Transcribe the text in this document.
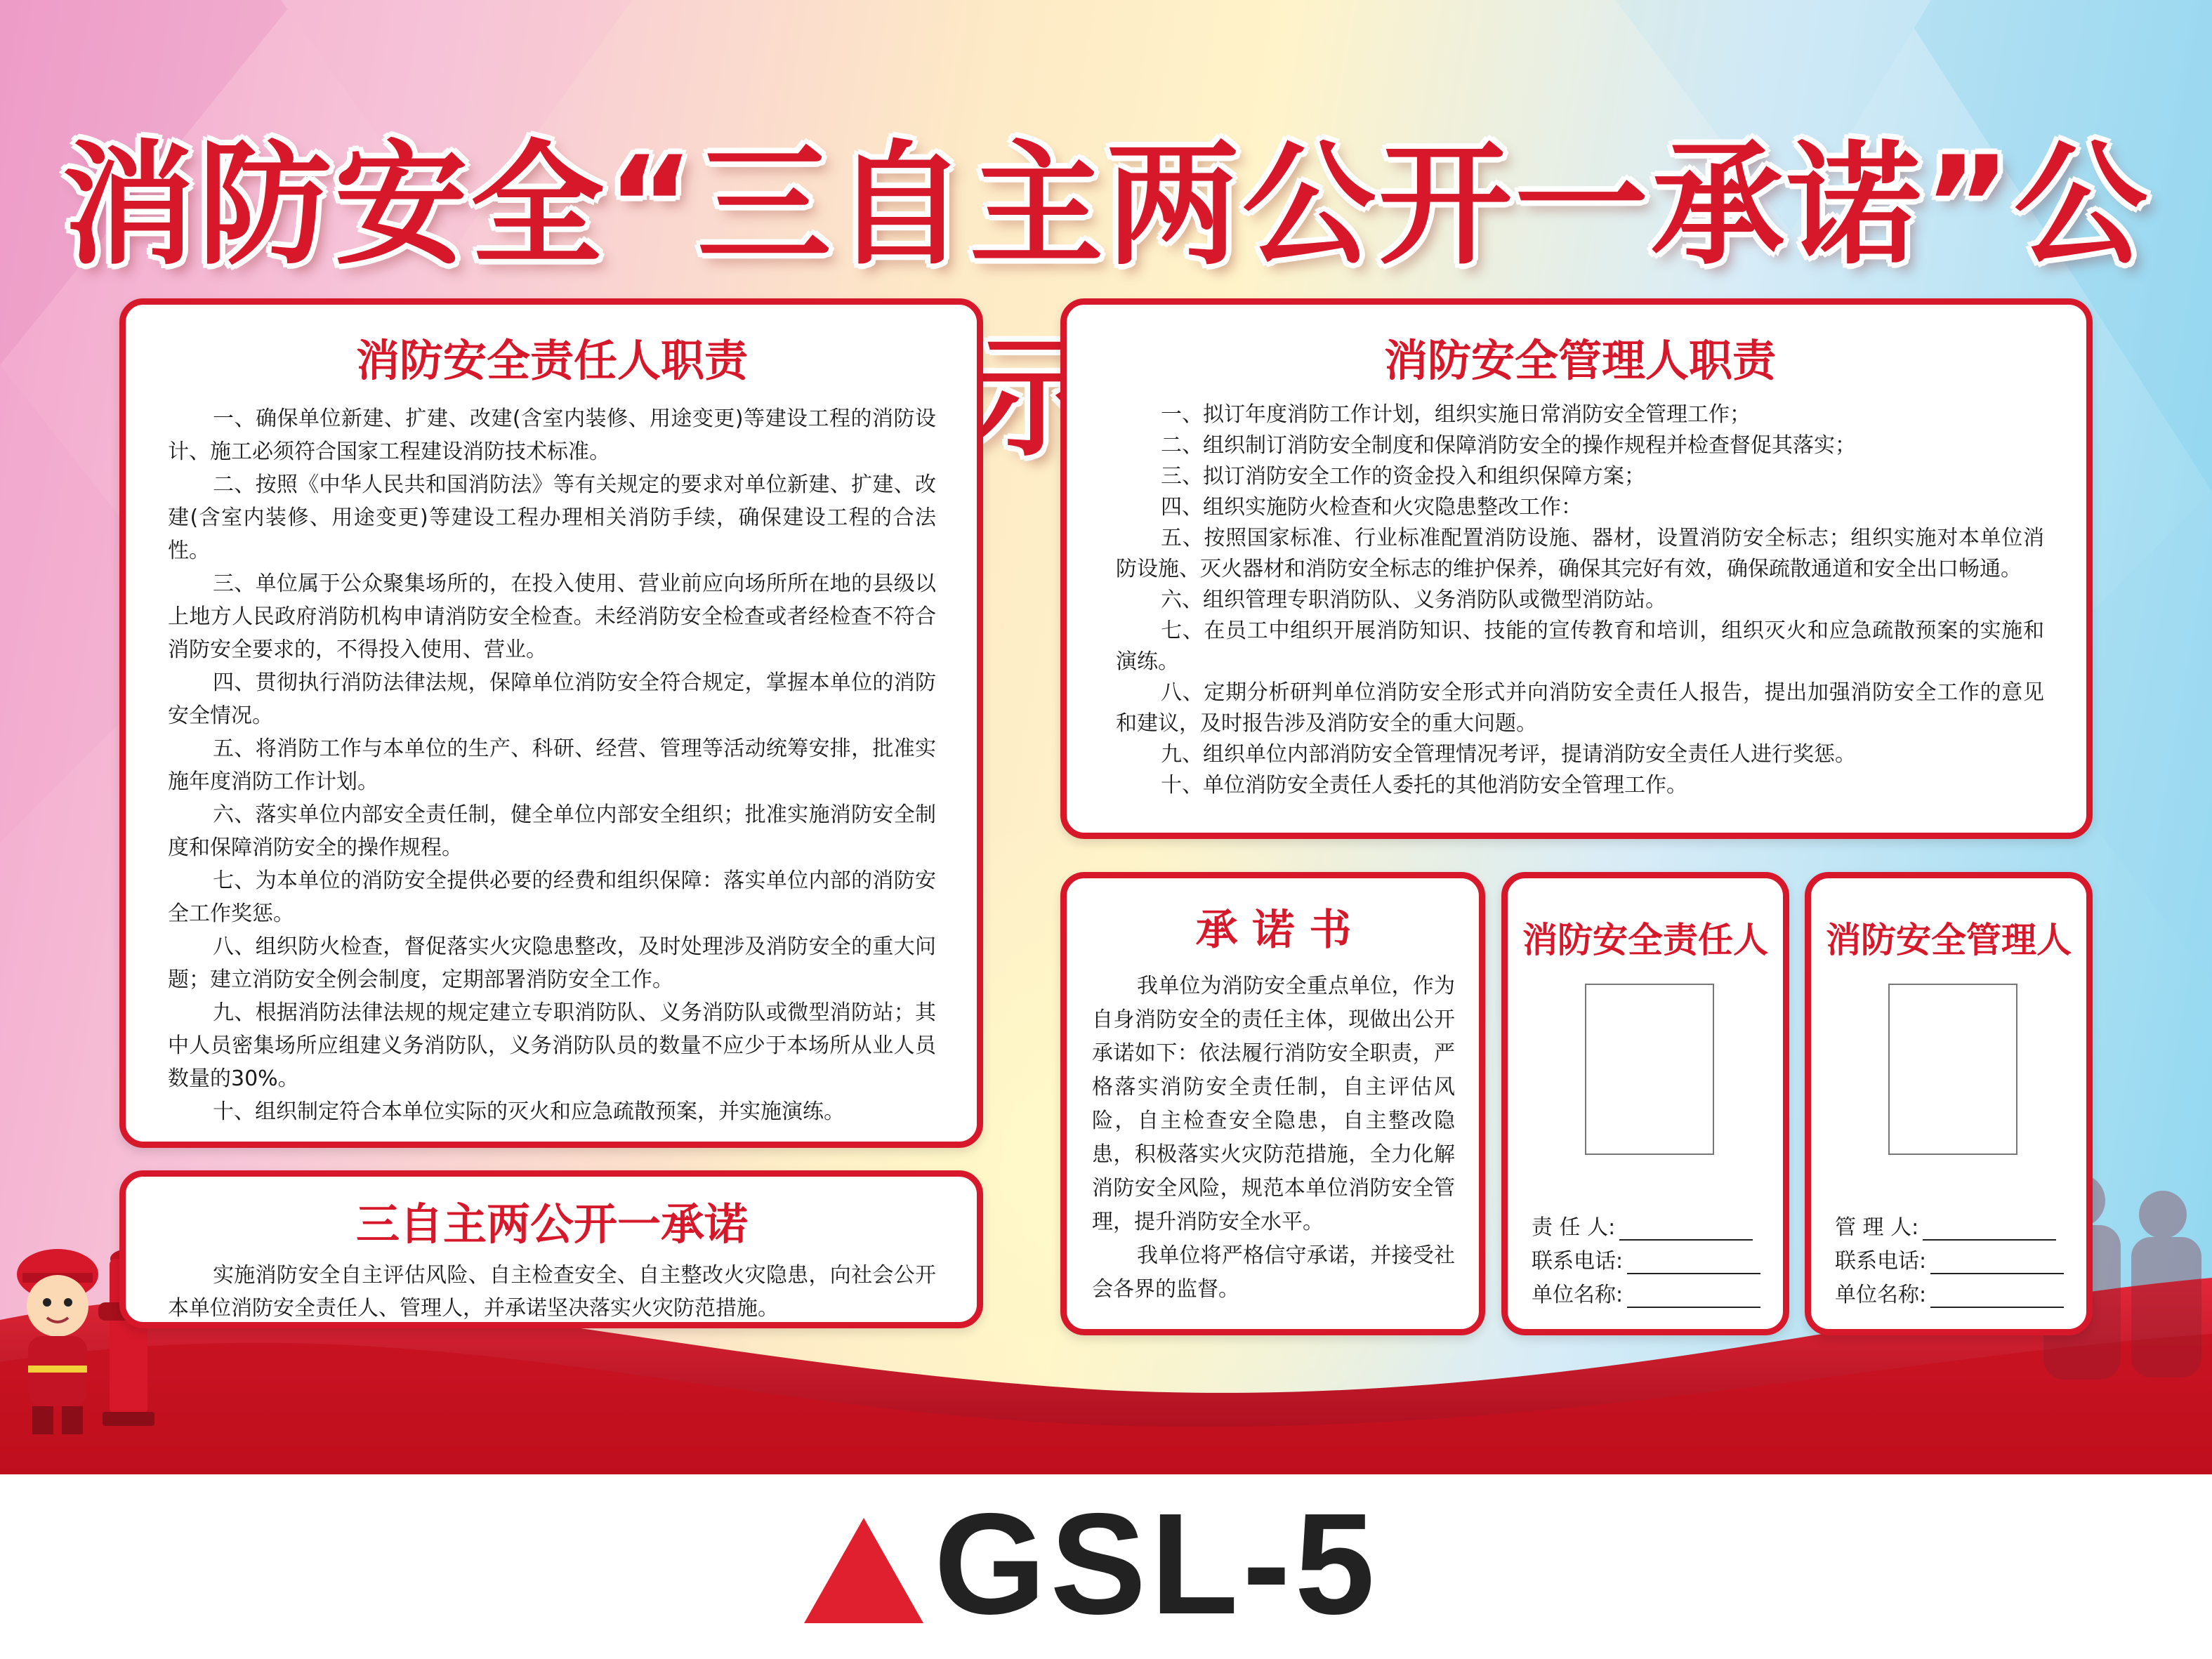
消防安全“三自主两公开一承诺”公示
消防安全责任人职责

一、确保单位新建、扩建、改建(含室内装修、用途变更)等建设工程的消防设计、施工必须符合国家工程建设消防技术标准。

二、按照《中华人民共和国消防法》等有关规定的要求对单位新建、扩建、改建(含室内装修、用途变更)等建设工程办理相关消防手续，确保建设工程的合法性。

三、单位属于公众聚集场所的，在投入使用、营业前应向场所所在地的县级以上地方人民政府消防机构申请消防安全检查。未经消防安全检查或者经检查不符合消防安全要求的，不得投入使用、营业。

四、贯彻执行消防法律法规，保障单位消防安全符合规定，掌握本单位的消防安全情况。

五、将消防工作与本单位的生产、科研、经营、管理等活动统筹安排，批准实施年度消防工作计划。

六、落实单位内部安全责任制，健全单位内部安全组织；批准实施消防安全制度和保障消防安全的操作规程。

七、为本单位的消防安全提供必要的经费和组织保障：落实单位内部的消防安全工作奖惩。

八、组织防火检查，督促落实火灾隐患整改，及时处理涉及消防安全的重大问题；建立消防安全例会制度，定期部署消防安全工作。

九、根据消防法律法规的规定建立专职消防队、义务消防队或微型消防站；其中人员密集场所应组建义务消防队，义务消防队员的数量不应少于本场所从业人员数量的30%。

十、组织制定符合本单位实际的灭火和应急疏散预案，并实施演练。

三自主两公开一承诺

实施消防安全自主评估风险、自主检查安全、自主整改火灾隐患，向社会公开本单位消防安全责任人、管理人，并承诺坚决落实火灾防范措施。

消防安全管理人职责

一、拟订年度消防工作计划，组织实施日常消防安全管理工作；

二、组织制订消防安全制度和保障消防安全的操作规程并检查督促其落实；

三、拟订消防安全工作的资金投入和组织保障方案；

四、组织实施防火检查和火灾隐患整改工作：

五、按照国家标准、行业标准配置消防设施、器材，设置消防安全标志；组织实施对本单位消防设施、灭火器材和消防安全标志的维护保养，确保其完好有效，确保疏散通道和安全出口畅通。

六、组织管理专职消防队、义务消防队或微型消防站。

七、在员工中组织开展消防知识、技能的宣传教育和培训，组织灭火和应急疏散预案的实施和演练。

八、定期分析研判单位消防安全形式并向消防安全责任人报告，提出加强消防安全工作的意见和建议，及时报告涉及消防安全的重大问题。

九、组织单位内部消防安全管理情况考评，提请消防安全责任人进行奖惩。

十、单位消防安全责任人委托的其他消防安全管理工作。

承 诺 书

我单位为消防安全重点单位，作为自身消防安全的责任主体，现做出公开承诺如下：依法履行消防安全职责，严格落实消防安全责任制，自主评估风险，自主检查安全隐患，自主整改隐患，积极落实火灾防范措施，全力化解消防安全风险，规范本单位消防安全管理，提升消防安全水平。

我单位将严格信守承诺，并接受社会各界的监督。

消防安全责任人
责 任 人:
联系电话:
单位名称:
消防安全管理人
管 理 人:
联系电话:
单位名称:
GSL-5
